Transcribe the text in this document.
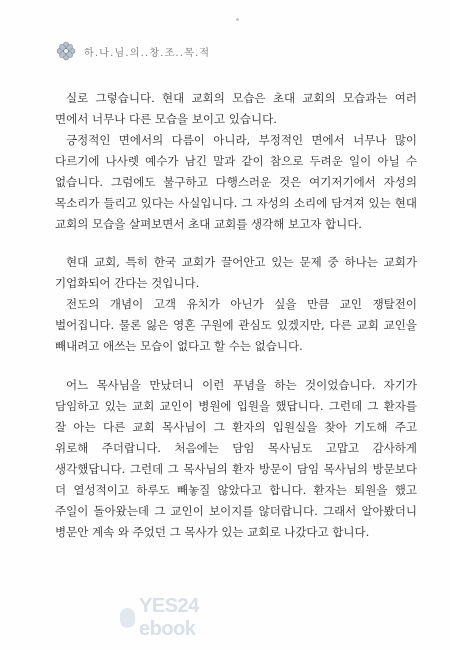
하.나.님.의..창.조..목.적

실로 그렇습니다. 현대 교회의 모습은 초대 교회의 모습과는 여러 면에서 너무나 다른 모습을 보이고 있습니다.

긍정적인 면에서의 다름이 아니라, 부정적인 면에서 너무나 많이 다르기에 나사렛 예수가 남긴 말과 같이 참으로 두려운 일이 아닐 수 없습니다. 그럼에도 불구하고 다행스러운 것은 여기저기에서 자성의 목소리가 들리고 있다는 사실입니다. 그 자성의 소리에 담겨져 있는 현대 교회의 모습을 살펴보면서 초대 교회를 생각해 보고자 합니다.

현대 교회, 특히 한국 교회가 끌어안고 있는 문제 중 하나는 교회가 기업화되어 간다는 것입니다.

전도의 개념이 고객 유치가 아닌가 싶을 만큼 교인 쟁탈전이 벌어집니다. 물론 잃은 영혼 구원에 관심도 있겠지만, 다른 교회 교인을 빼내려고 애쓰는 모습이 없다고 할 수는 없습니다.

어느 목사님을 만났더니 이런 푸념을 하는 것이었습니다. 자기가 담임하고 있는 교회 교인이 병원에 입원을 했답니다. 그런데 그 환자를 잘 아는 다른 교회 목사님이 그 환자의 입원실을 찾아 기도해 주고 위로해 주더랍니다. 처음에는 담임 목사님도 고맙고 감사하게 생각했답니다. 그런데 그 목사님의 환자 방문이 담임 목사님의 방문보다 더 열성적이고 하루도 빼놓질 않았다고 합니다. 환자는 퇴원을 했고 주일이 돌아왔는데 그 교인이 보이지를 않더랍니다. 그래서 알아봤더니 병문안 계속 와 주었던 그 목사가 있는 교회로 나갔다고 합니다.

YES24 ebook
